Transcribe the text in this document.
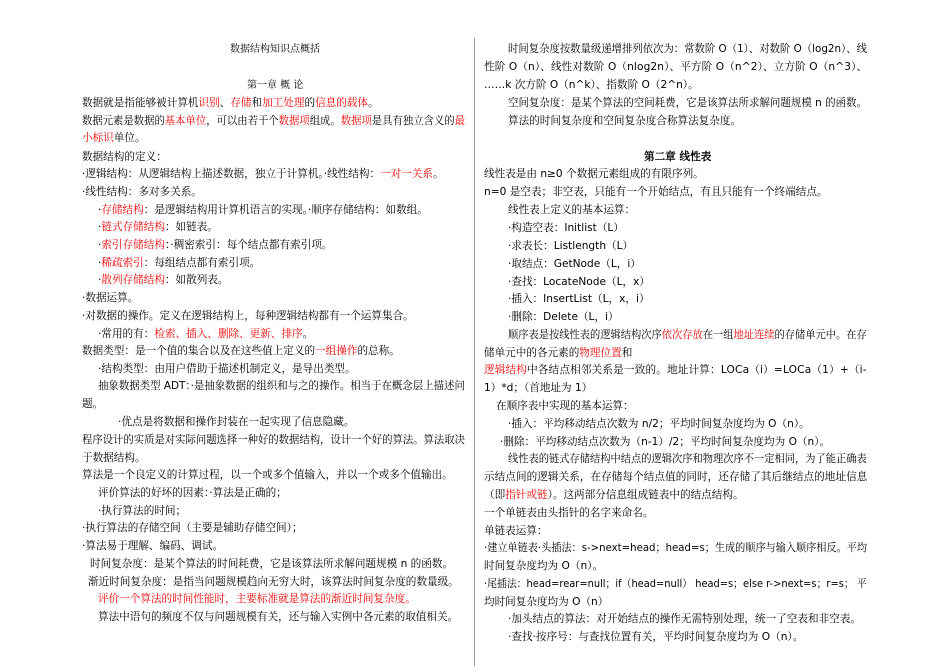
数据结构知识点概括
第一章 概 论
数据就是指能够被计算机识别、存储和加工处理的信息的载体。
数据元素是数据的基本单位，可以由若干个数据项组成。数据项是具有独立含义的最
小标识单位。
数据结构的定义：
·逻辑结构：从逻辑结构上描述数据，独立于计算机。·线性结构：一对一关系。
·线性结构：多对多关系。
·存储结构：是逻辑结构用计算机语言的实现。·顺序存储结构：如数组。
·链式存储结构：如链表。
·索引存储结构：·稠密索引：每个结点都有索引项。
·稀疏索引：每组结点都有索引项。
·散列存储结构：如散列表。
·数据运算。
·对数据的操作。定义在逻辑结构上，每种逻辑结构都有一个运算集合。
·常用的有：检索、插入、删除、更新、排序。
数据类型：是一个值的集合以及在这些值上定义的一组操作的总称。
·结构类型：由用户借助于描述机制定义，是导出类型。
抽象数据类型 ADT：·是抽象数据的组织和与之的操作。相当于在概念层上描述问
题。
·优点是将数据和操作封装在一起实现了信息隐藏。
程序设计的实质是对实际问题选择一种好的数据结构，设计一个好的算法。算法取决
于数据结构。
算法是一个良定义的计算过程，以一个或多个值输入，并以一个或多个值输出。
评价算法的好坏的因素：·算法是正确的；
·执行算法的时间；
·执行算法的存储空间（主要是辅助存储空间）；
·算法易于理解、编码、调试。
时间复杂度：是某个算法的时间耗费，它是该算法所求解问题规模 n 的函数。
渐近时间复杂度：是指当问题规模趋向无穷大时，该算法时间复杂度的数量级。
评价一个算法的时间性能时，主要标准就是算法的渐近时间复杂度。
算法中语句的频度不仅与问题规模有关，还与输入实例中各元素的取值相关。
时间复杂度按数量级递增排列依次为：常数阶 O（1）、对数阶 O（log2n）、线
性阶 O（n）、线性对数阶 O（nlog2n）、平方阶 O（n^2）、立方阶 O（n^3）、
……k 次方阶 O（n^k）、指数阶 O（2^n）。
空间复杂度：是某个算法的空间耗费，它是该算法所求解问题规模 n 的函数。
算法的时间复杂度和空间复杂度合称算法复杂度。
第二章 线性表
线性表是由 n≥0 个数据元素组成的有限序列。
n=0 是空表；非空表，只能有一个开始结点，有且只能有一个终端结点。
线性表上定义的基本运算：
·构造空表：Initlist（L）
·求表长：Listlength（L）
·取结点：GetNode（L，i）
·查找：LocateNode（L，x）
·插入：InsertList（L，x，i）
·删除：Delete（L，i）
顺序表是按线性表的逻辑结构次序依次存放在一组地址连续的存储单元中。在存
储单元中的各元素的物理位置和
逻辑结构中各结点相邻关系是一致的。地址计算：LOCa（i）=LOCa（1）+（i-
1）*d；（首地址为 1）
在顺序表中实现的基本运算：
·插入：平均移动结点次数为 n/2；平均时间复杂度均为 O（n）。
·删除：平均移动结点次数为（n-1）/2；平均时间复杂度均为 O（n）。
线性表的链式存储结构中结点的逻辑次序和物理次序不一定相同，为了能正确表
示结点间的逻辑关系，在存储每个结点值的同时，还存储了其后继结点的地址信息
（即指针或链）。这两部分信息组成链表中的结点结构。
一个单链表由头指针的名字来命名。
单链表运算：
·建立单链表·头插法：s->next=head；head=s；生成的顺序与输入顺序相反。平均
时间复杂度均为 O（n）。
·尾插法：head=rear=null；if（head=null） head=s；else r->next=s；r=s； 平
均时间复杂度均为 O（n）
·加头结点的算法：对开始结点的操作无需特别处理，统一了空表和非空表。
·查找·按序号：与查找位置有关，平均时间复杂度均为 O（n）。
